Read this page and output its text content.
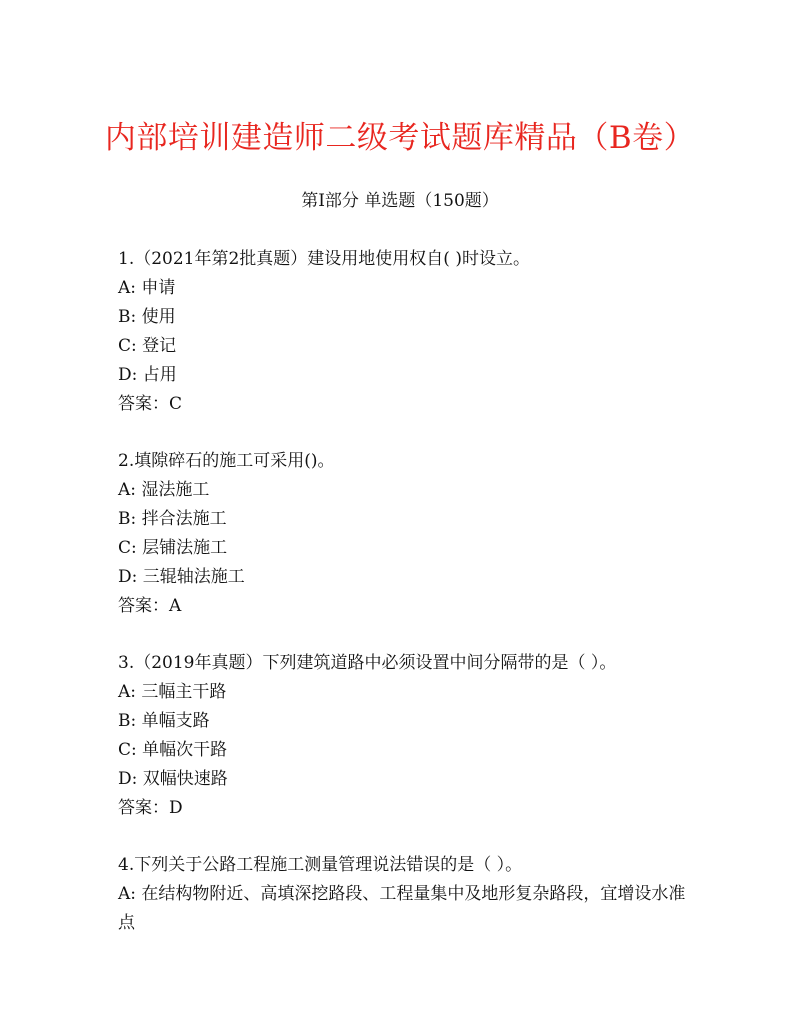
内部培训建造师二级考试题库精品（B卷）
第I部分 单选题（150题）
1.（2021年第2批真题）建设用地使用权自( )时设立。
A: 申请
B: 使用
C: 登记
D: 占用
答案：C
2.填隙碎石的施工可采用()。
A: 湿法施工
B: 拌合法施工
C: 层铺法施工
D: 三辊轴法施工
答案：A
3.（2019年真题）下列建筑道路中必须设置中间分隔带的是（ ）。
A: 三幅主干路
B: 单幅支路
C: 单幅次干路
D: 双幅快速路
答案：D
4.下列关于公路工程施工测量管理说法错误的是（ ）。
A: 在结构物附近、高填深挖路段、工程量集中及地形复杂路段，宜增设水准点
